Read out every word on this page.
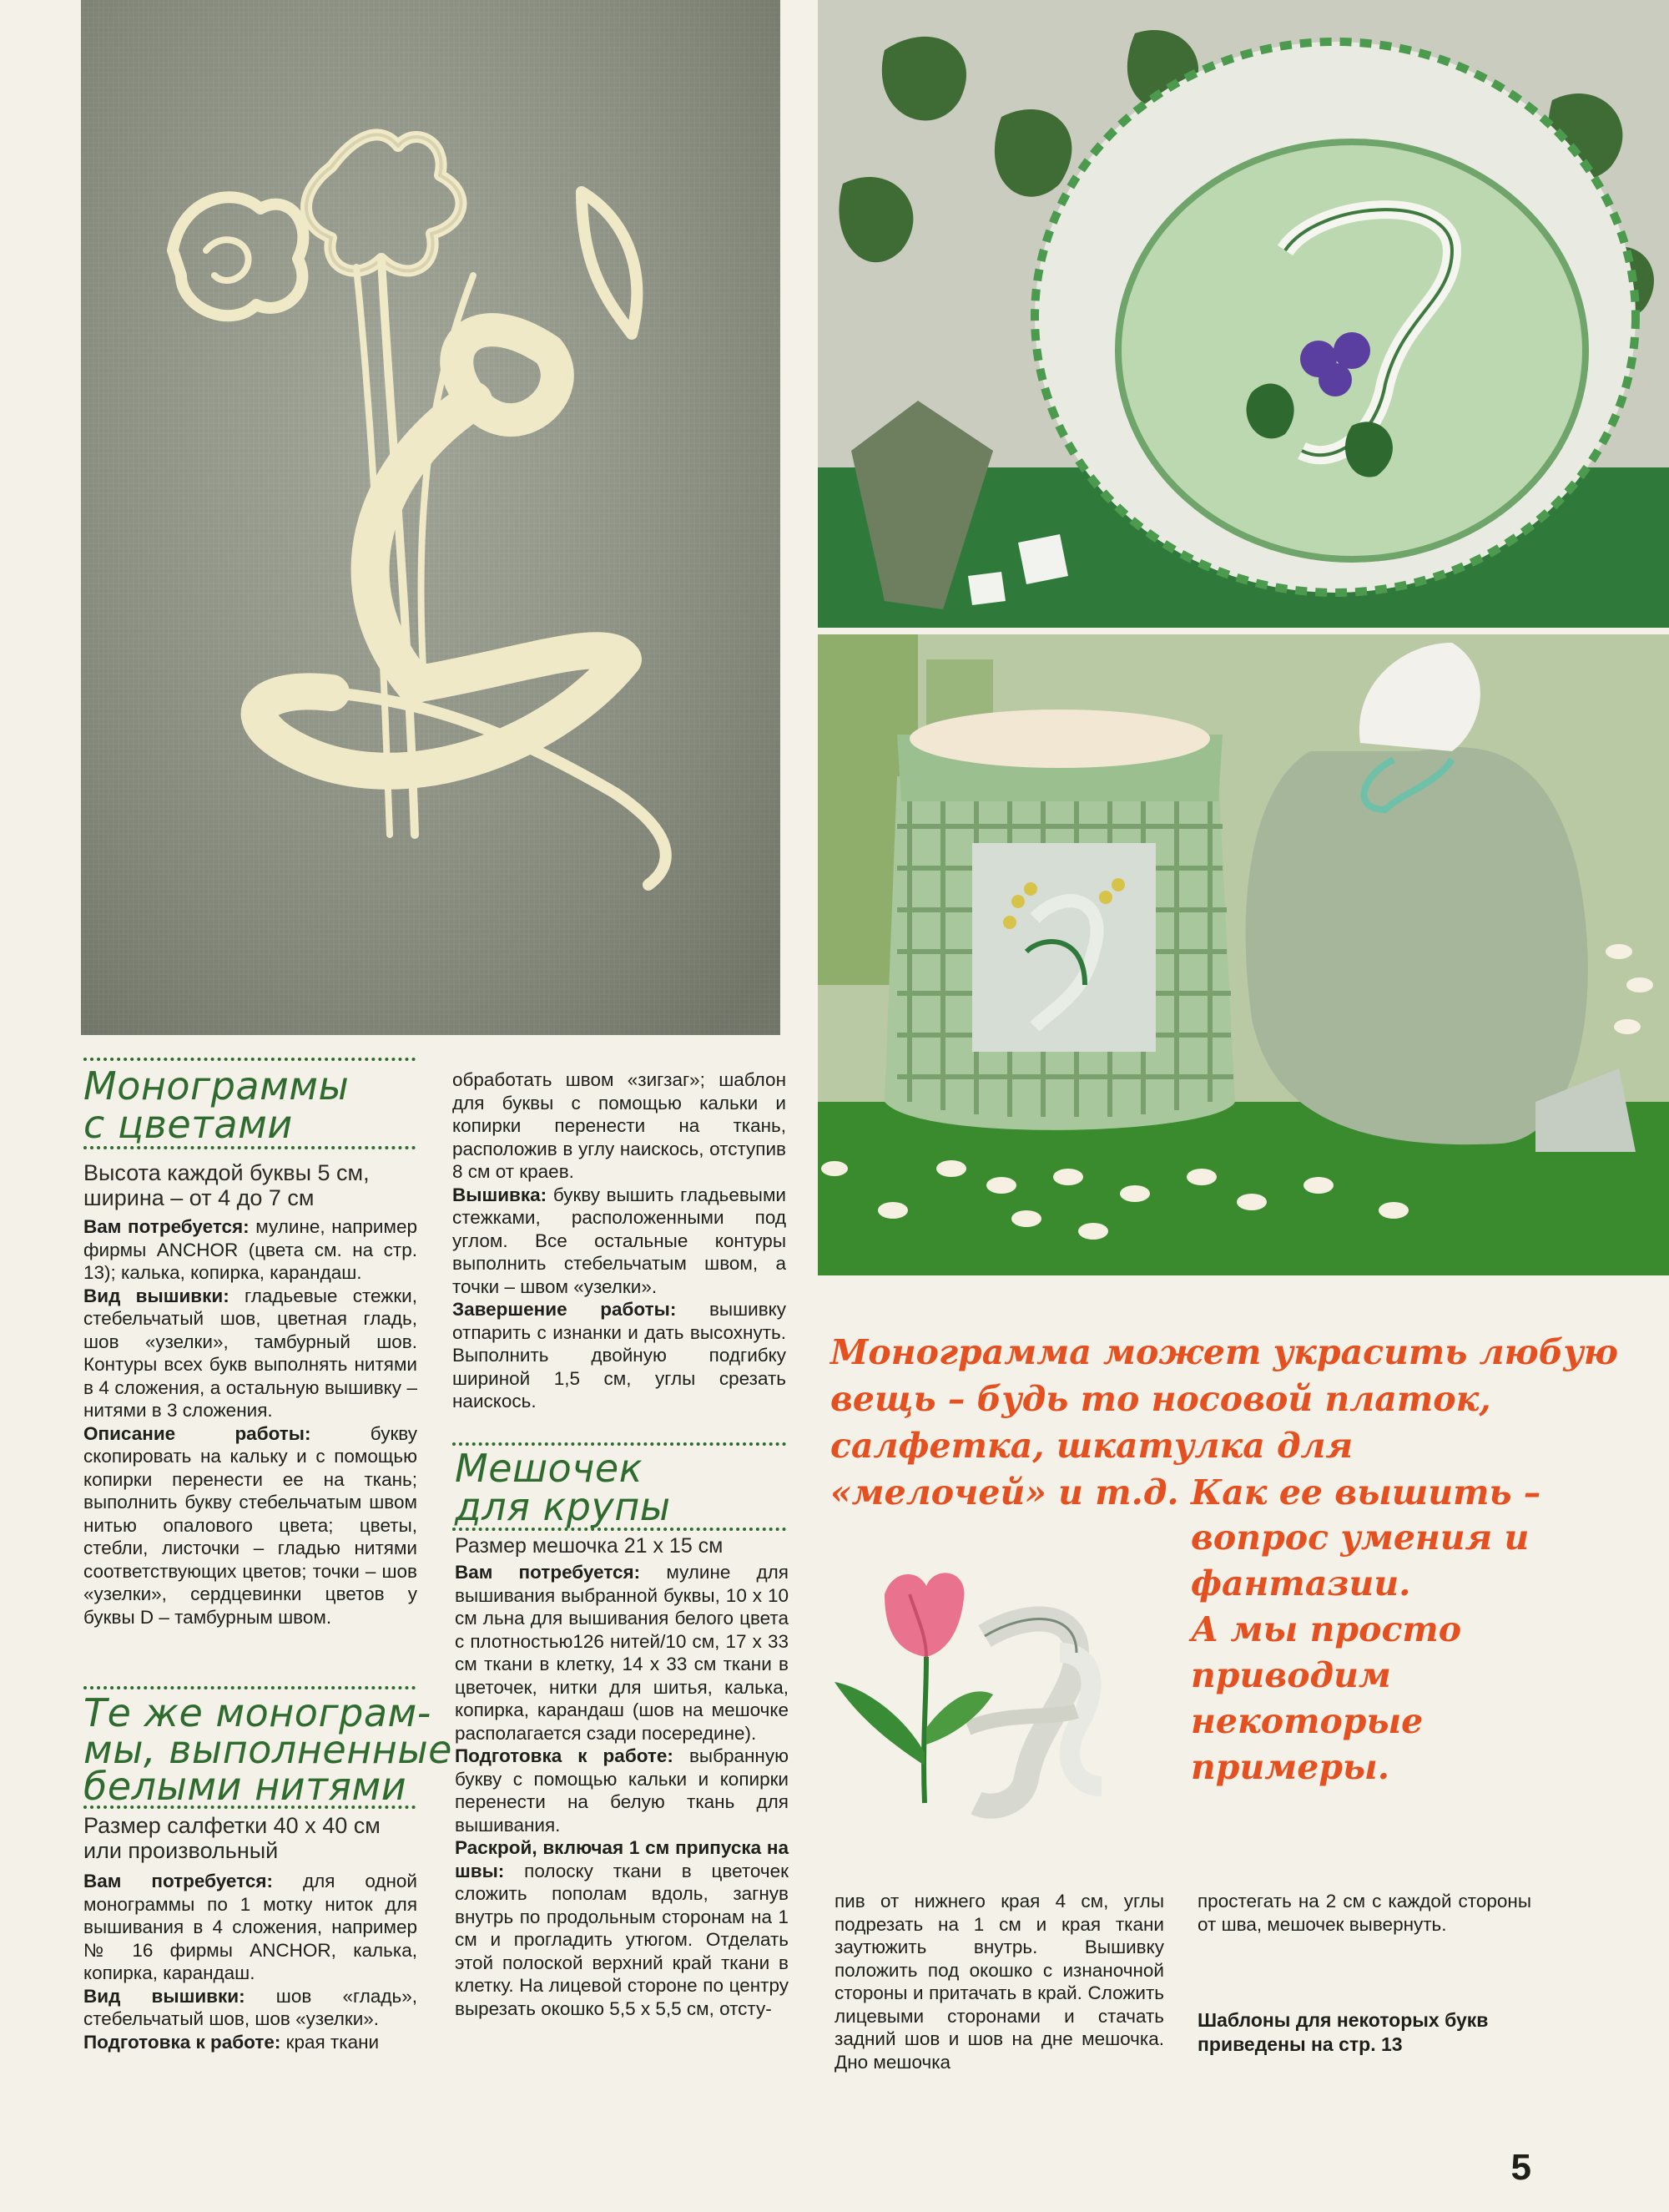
Монограммы
с цветами
Высота каждой буквы 5 см, ширина – от 4 до 7 см

Вам потребуется: мулине, например фирмы ANCHOR (цвета см. на стр. 13); калька, копирка, карандаш.

Вид вышивки: гладьевые стежки, стебельчатый шов, цветная гладь, шов «узелки», тамбурный шов. Контуры всех букв выполнять нитями в 4 сложения, а остальную вышивку – нитями в 3 сложения.

Описание работы: букву скопировать на кальку и с помощью копирки перенести ее на ткань; выполнить букву стебельчатым швом нитью опалового цвета; цветы, стебли, листочки – гладью нитями соответствующих цветов; точки – шов «узелки», сердцевинки цветов у буквы D – тамбурным швом.

Те же монограм-
мы, выполненные
белыми нитями
Размер салфетки 40 х 40 см или произвольный

Вам потребуется: для одной монограммы по 1 мотку ниток для вышивания в 4 сложения, например № 16 фирмы ANCHOR, калька, копирка, карандаш.

Вид вышивки: шов «гладь», стебельчатый шов, шов «узелки».

Подготовка к работе: края ткани

обработать швом «зигзаг»; шаблон для буквы с помощью кальки и копирки перенести на ткань, расположив в углу наискось, отступив 8 см от краев.

Вышивка: букву вышить гладьевыми стежками, расположенными под углом. Все остальные контуры выполнить стебельчатым швом, а точки – швом «узелки».

Завершение работы: вышивку отпарить с изнанки и дать высохнуть. Выполнить двойную подгибку шириной 1,5 см, углы срезать наискось.

Мешочек
для крупы
Размер мешочка 21 х 15 см

Вам потребуется: мулине для вышивания выбранной буквы, 10 х 10 см льна для вышивания белого цвета с плотностью126 нитей/10 см, 17 х 33 см ткани в клетку, 14 х 33 см ткани в цветочек, нитки для шитья, калька, копирка, карандаш (шов на мешочке располагается сзади посередине).

Подготовка к работе: выбранную букву с помощью кальки и копирки перенести на белую ткань для вышивания.

Раскрой, включая 1 см припуска на швы: полоску ткани в цветочек сложить пополам вдоль, загнув внутрь по продольным сторонам на 1 см и прогладить утюгом. Отделать этой полоской верхний край ткани в клетку. На лицевой стороне по центру вырезать окошко 5,5 х 5,5 см, отсту-

Монограмма может украсить любую
вещь – будь то носовой платок,
салфетка, шкатулка для
«мелочей» и т.д. Как ее вышить –
вопрос умения и
фантазии.
А мы просто
приводим
некоторые
примеры.

пив от нижнего края 4 см, углы подрезать на 1 см и края ткани заутюжить внутрь. Вышивку положить под окошко с изнаночной стороны и притачать в край. Сложить лицевыми сторонами и стачать задний шов и шов на дне мешочка. Дно мешочка

простегать на 2 см с каждой стороны от шва, мешочек вывернуть.

Шаблоны для некоторых букв приведены на стр. 13
5
